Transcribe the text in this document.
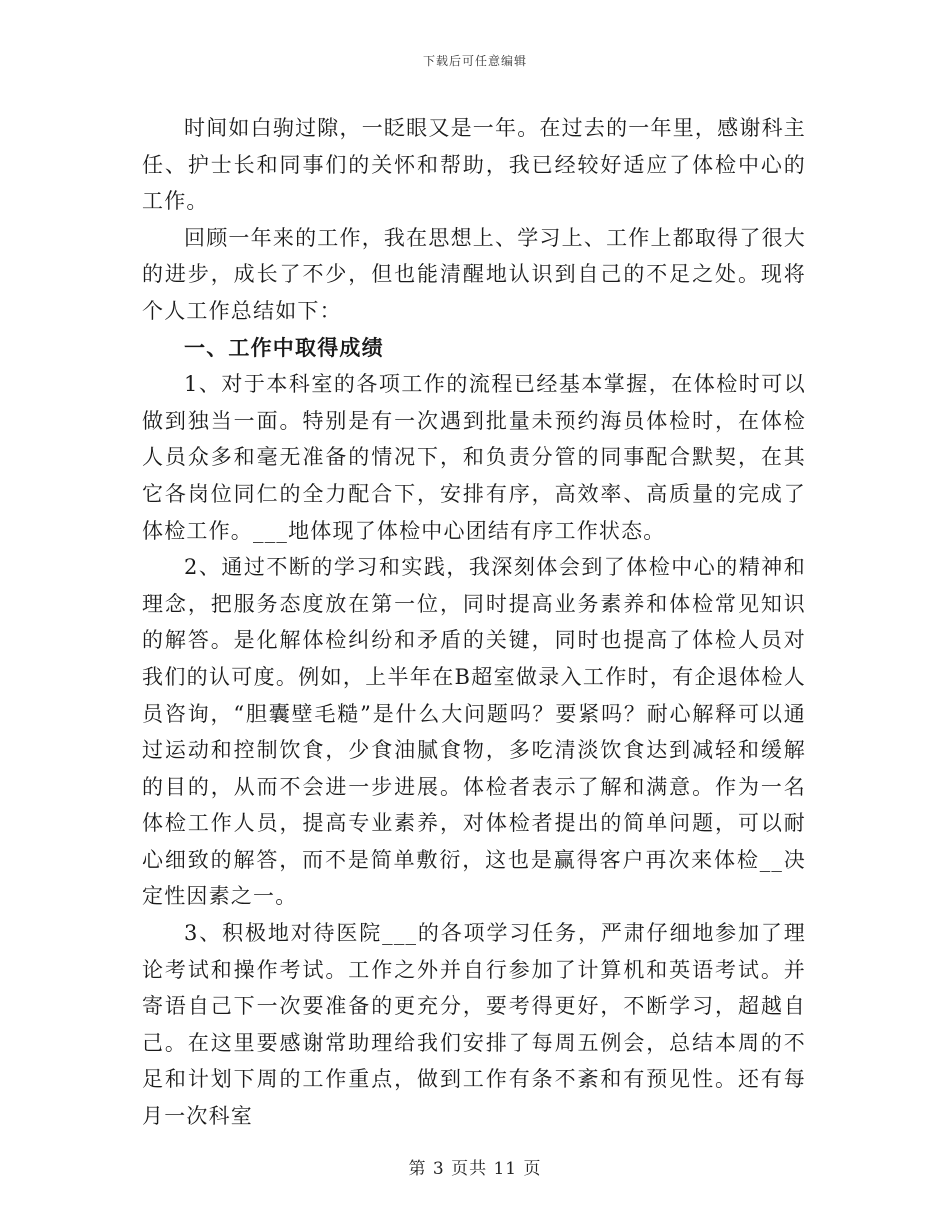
下载后可任意编辑

时间如白驹过隙，一眨眼又是一年。在过去的一年里，感谢科主任、护士长和同事们的关怀和帮助，我已经较好适应了体检中心的工作。

回顾一年来的工作，我在思想上、学习上、工作上都取得了很大的进步，成长了不少，但也能清醒地认识到自己的不足之处。现将个人工作总结如下：

一、工作中取得成绩

1、对于本科室的各项工作的流程已经基本掌握，在体检时可以做到独当一面。特别是有一次遇到批量未预约海员体检时，在体检人员众多和毫无准备的情况下，和负责分管的同事配合默契，在其它各岗位同仁的全力配合下，安排有序，高效率、高质量的完成了体检工作。___地体现了体检中心团结有序工作状态。

2、通过不断的学习和实践，我深刻体会到了体检中心的精神和理念，把服务态度放在第一位，同时提高业务素养和体检常见知识的解答。是化解体检纠纷和矛盾的关键，同时也提高了体检人员对我们的认可度。例如，上半年在B超室做录入工作时，有企退体检人员咨询，“胆囊壁毛糙”是什么大问题吗？要紧吗？耐心解释可以通过运动和控制饮食，少食油腻食物，多吃清淡饮食达到减轻和缓解的目的，从而不会进一步进展。体检者表示了解和满意。作为一名体检工作人员，提高专业素养，对体检者提出的简单问题，可以耐心细致的解答，而不是简单敷衍，这也是赢得客户再次来体检__决定性因素之一。

3、积极地对待医院___的各项学习任务，严肃仔细地参加了理论考试和操作考试。工作之外并自行参加了计算机和英语考试。并寄语自己下一次要准备的更充分，要考得更好，不断学习，超越自己。在这里要感谢常助理给我们安排了每周五例会，总结本周的不足和计划下周的工作重点，做到工作有条不紊和有预见性。还有每月一次科室

第 3 页共 11 页
